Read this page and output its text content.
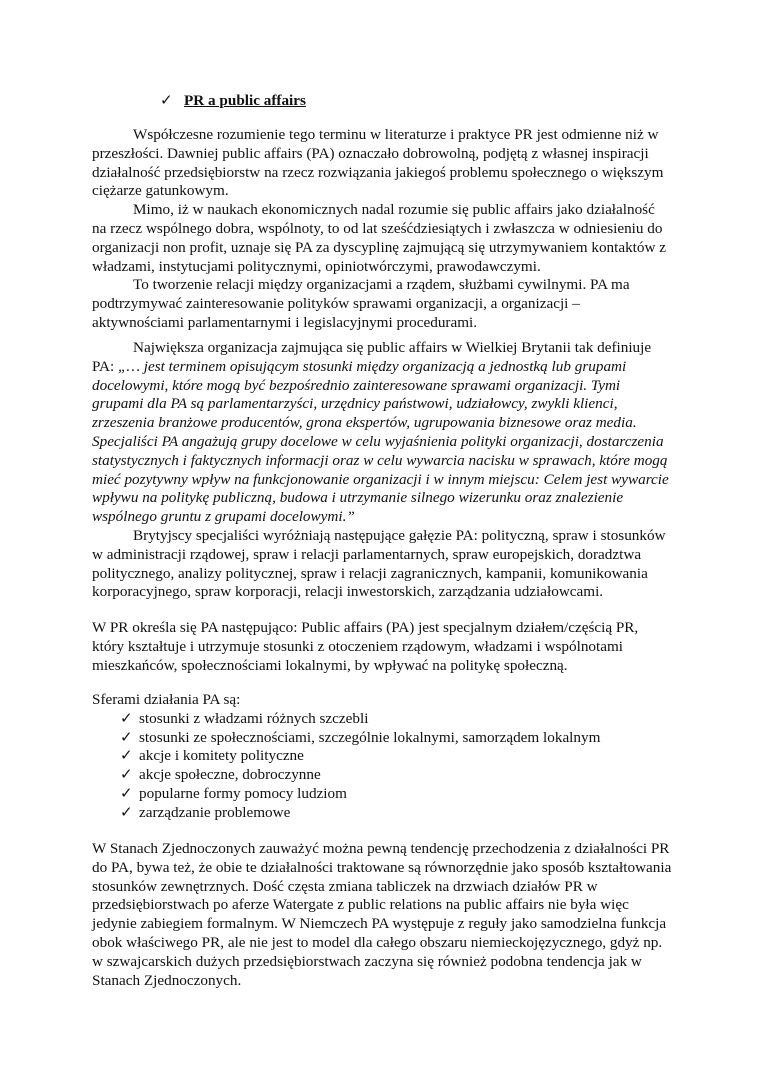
✓ PR a public affairs

Współczesne rozumienie tego terminu w literaturze i praktyce PR jest odmienne niż w przeszłości. Dawniej public affairs (PA) oznaczało dobrowolną, podjętą z własnej inspiracji działalność przedsiębiorstw na rzecz rozwiązania jakiegoś problemu społecznego o większym ciężarze gatunkowym.

Mimo, iż w naukach ekonomicznych nadal rozumie się public affairs jako działalność na rzecz wspólnego dobra, wspólnoty, to od lat sześćdziesiątych i zwłaszcza w odniesieniu do organizacji non profit, uznaje się PA za dyscyplinę zajmującą się utrzymywaniem kontaktów z władzami, instytucjami politycznymi, opiniotwórczymi, prawodawczymi.

To tworzenie relacji między organizacjami a rządem, służbami cywilnymi. PA ma podtrzymywać zainteresowanie polityków sprawami organizacji, a organizacji – aktywnościami parlamentarnymi i legislacyjnymi procedurami.

Największa organizacja zajmująca się public affairs w Wielkiej Brytanii tak definiuje PA: „… jest terminem opisującym stosunki między organizacją a jednostką lub grupami docelowymi, które mogą być bezpośrednio zainteresowane sprawami organizacji. Tymi grupami dla PA są parlamentarzyści, urzędnicy państwowi, udziałowcy, zwykli klienci, zrzeszenia branżowe producentów, grona ekspertów, ugrupowania biznesowe oraz media. Specjaliści PA angażują grupy docelowe w celu wyjaśnienia polityki organizacji, dostarczenia statystycznych i faktycznych informacji oraz w celu wywarcia nacisku w sprawach, które mogą mieć pozytywny wpływ na funkcjonowanie organizacji i w innym miejscu: Celem jest wywarcie wpływu na politykę publiczną, budowa i utrzymanie silnego wizerunku oraz znalezienie wspólnego gruntu z grupami docelowymi.”

Brytyjscy specjaliści wyróżniają następujące gałęzie PA: polityczną, spraw i stosunków w administracji rządowej, spraw i relacji parlamentarnych, spraw europejskich, doradztwa politycznego, analizy politycznej, spraw i relacji zagranicznych, kampanii, komunikowania korporacyjnego, spraw korporacji, relacji inwestorskich, zarządzania udziałowcami.

W PR określa się PA następująco: Public affairs (PA) jest specjalnym działem/częścią PR, który kształtuje i utrzymuje stosunki z otoczeniem rządowym, władzami i wspólnotami mieszkańców, społecznościami lokalnymi, by wpływać na politykę społeczną.

Sferami działania PA są:

✓ stosunki z władzami różnych szczebli
✓ stosunki ze społecznościami, szczególnie lokalnymi, samorządem lokalnym
✓ akcje i komitety polityczne
✓ akcje społeczne, dobroczynne
✓ popularne formy pomocy ludziom
✓ zarządzanie problemowe

W Stanach Zjednoczonych zauważyć można pewną tendencję przechodzenia z działalności PR do PA, bywa też, że obie te działalności traktowane są równorzędnie jako sposób kształtowania stosunków zewnętrznych. Dość częsta zmiana tabliczek na drzwiach działów PR w przedsiębiorstwach po aferze Watergate z public relations na public affairs nie była więc jedynie zabiegiem formalnym. W Niemczech PA występuje z reguły jako samodzielna funkcja obok właściwego PR, ale nie jest to model dla całego obszaru niemieckojęzycznego, gdyż np. w szwajcarskich dużych przedsiębiorstwach zaczyna się również podobna tendencja jak w Stanach Zjednoczonych.
